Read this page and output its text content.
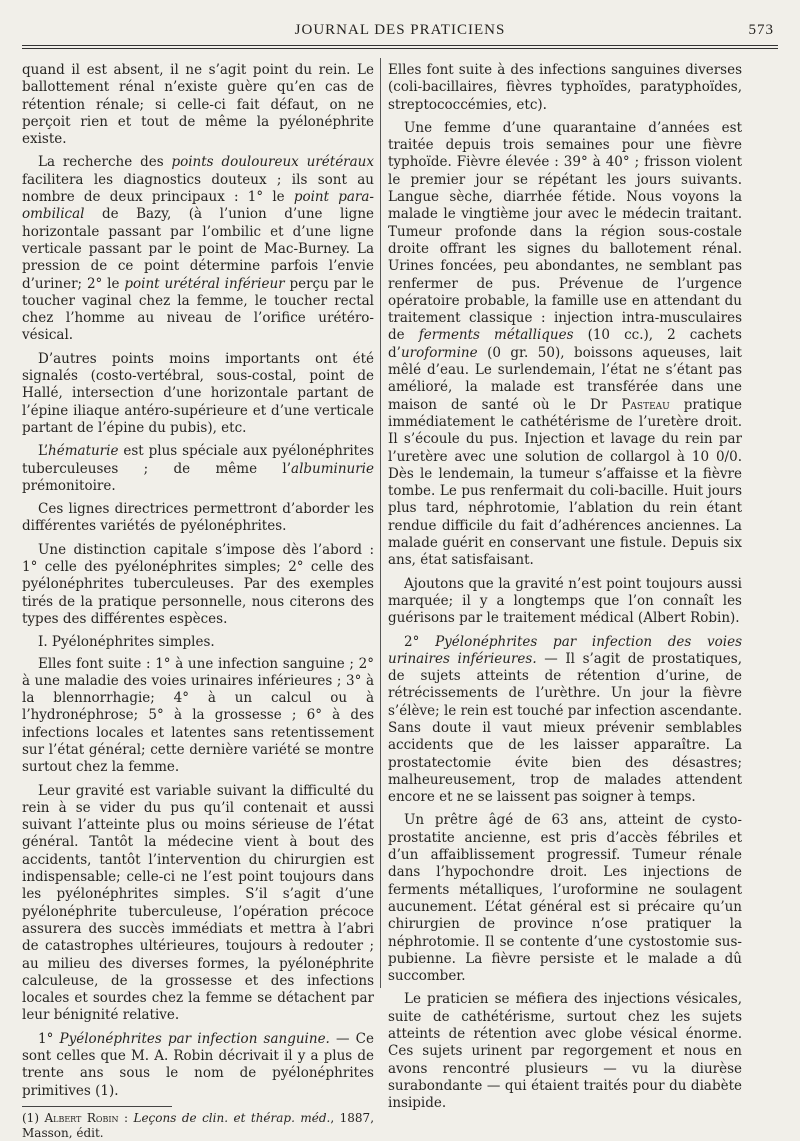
JOURNAL DES PRATICIENS	573

quand il est absent, il ne s’agit point du rein. Le ballottement rénal n’existe guère qu’en cas de rétention rénale; si celle-ci fait défaut, on ne perçoit rien et tout de même la pyélonéphrite existe.

La recherche des points douloureux urétéraux facilitera les diagnostics douteux ; ils sont au nombre de deux principaux : 1° le point para-ombilical de Bazy, (à l’union d’une ligne horizontale passant par l’ombilic et d’une ligne verticale passant par le point de Mac-Burney. La pression de ce point détermine parfois l’envie d’uriner; 2° le point urétéral inférieur perçu par le toucher vaginal chez la femme, le toucher rectal chez l’homme au niveau de l’orifice urétéro-vésical.

D’autres points moins importants ont été signalés (costo-vertébral, sous-costal, point de Hallé, intersection d’une horizontale partant de l’épine iliaque antéro-supérieure et d’une verticale partant de l’épine du pubis), etc.

L’hématurie est plus spéciale aux pyélonéphrites tuberculeuses ; de même l’albuminurie prémonitoire.

Ces lignes directrices permettront d’aborder les différentes variétés de pyélonéphrites.

Une distinction capitale s’impose dès l’abord : 1° celle des pyélonéphrites simples; 2° celle des pyélonéphrites tuberculeuses. Par des exemples tirés de la pratique personnelle, nous citerons des types des différentes espèces.

I. Pyélonéphrites simples.

Elles font suite : 1° à une infection sanguine ; 2° à une maladie des voies urinaires inférieures ; 3° à la blennorrhagie; 4° à un calcul ou à l’hydronéphrose; 5° à la grossesse ; 6° à des infections locales et latentes sans retentissement sur l’état général; cette dernière variété se montre surtout chez la femme.

Leur gravité est variable suivant la difficulté du rein à se vider du pus qu’il contenait et aussi suivant l’atteinte plus ou moins sérieuse de l’état général. Tantôt la médecine vient à bout des accidents, tantôt l’intervention du chirurgien est indispensable; celle-ci ne l’est point toujours dans les pyélonéphrites simples. S’il s’agit d’une pyélonéphrite tuberculeuse, l’opération précoce assurera des succès immédiats et mettra à l’abri de catastrophes ultérieures, toujours à redouter ; au milieu des diverses formes, la pyélonéphrite calculeuse, de la grossesse et des infections locales et sourdes chez la femme se détachent par leur bénignité relative.

1° Pyélonéphrites par infection sanguine. — Ce sont celles que M. A. Robin décrivait il y a plus de trente ans sous le nom de pyélonéphrites primitives (1).

(1) Albert Robin : Leçons de clin. et thérap. méd., 1887, Masson, édit.

Elles font suite à des infections sanguines diverses (coli-bacillaires, fièvres typhoïdes, paratyphoïdes, streptococcémies, etc).

Une femme d’une quarantaine d’années est traitée depuis trois semaines pour une fièvre typhoïde. Fièvre élevée : 39° à 40° ; frisson violent le premier jour se répétant les jours suivants. Langue sèche, diarrhée fétide. Nous voyons la malade le vingtième jour avec le médecin traitant. Tumeur profonde dans la région sous-costale droite offrant les signes du ballotement rénal. Urines foncées, peu abondantes, ne semblant pas renfermer de pus. Prévenue de l’urgence opératoire probable, la famille use en attendant du traitement classique : injection intra-musculaires de ferments métalliques (10 cc.), 2 cachets d’uroformine (0 gr. 50), boissons aqueuses, lait mêlé d’eau. Le surlendemain, l’état ne s’étant pas amélioré, la malade est transférée dans une maison de santé où le Dr Pasteau pratique immédiatement le cathétérisme de l’uretère droit. Il s’écoule du pus. Injection et lavage du rein par l’uretère avec une solution de collargol à 10 0/0. Dès le lendemain, la tumeur s’affaisse et la fièvre tombe. Le pus renfermait du coli-bacille. Huit jours plus tard, néphrotomie, l’ablation du rein étant rendue difficile du fait d’adhérences anciennes. La malade guérit en conservant une fistule. Depuis six ans, état satisfaisant.

Ajoutons que la gravité n’est point toujours aussi marquée; il y a longtemps que l’on connaît les guérisons par le traitement médical (Albert Robin).

2° Pyélonéphrites par infection des voies urinaires inférieures. — Il s’agit de prostatiques, de sujets atteints de rétention d’urine, de rétrécissements de l’urèthre. Un jour la fièvre s’élève; le rein est touché par infection ascendante. Sans doute il vaut mieux prévenir semblables accidents que de les laisser apparaître. La prostatectomie évite bien des désastres; malheureusement, trop de malades attendent encore et ne se laissent pas soigner à temps.

Un prêtre âgé de 63 ans, atteint de cysto-prostatite ancienne, est pris d’accès fébriles et d’un affaiblissement progressif. Tumeur rénale dans l’hypochondre droit. Les injections de ferments métalliques, l’uroformine ne soulagent aucunement. L’état général est si précaire qu’un chirurgien de province n’ose pratiquer la néphrotomie. Il se contente d’une cystostomie sus-pubienne. La fièvre persiste et le malade a dû succomber.

Le praticien se méfiera des injections vésicales, suite de cathétérisme, surtout chez les sujets atteints de rétention avec globe vésical énorme. Ces sujets urinent par regorgement et nous en avons rencontré plusieurs — vu la diurèse surabondante — qui étaient traités pour du diabète insipide.
